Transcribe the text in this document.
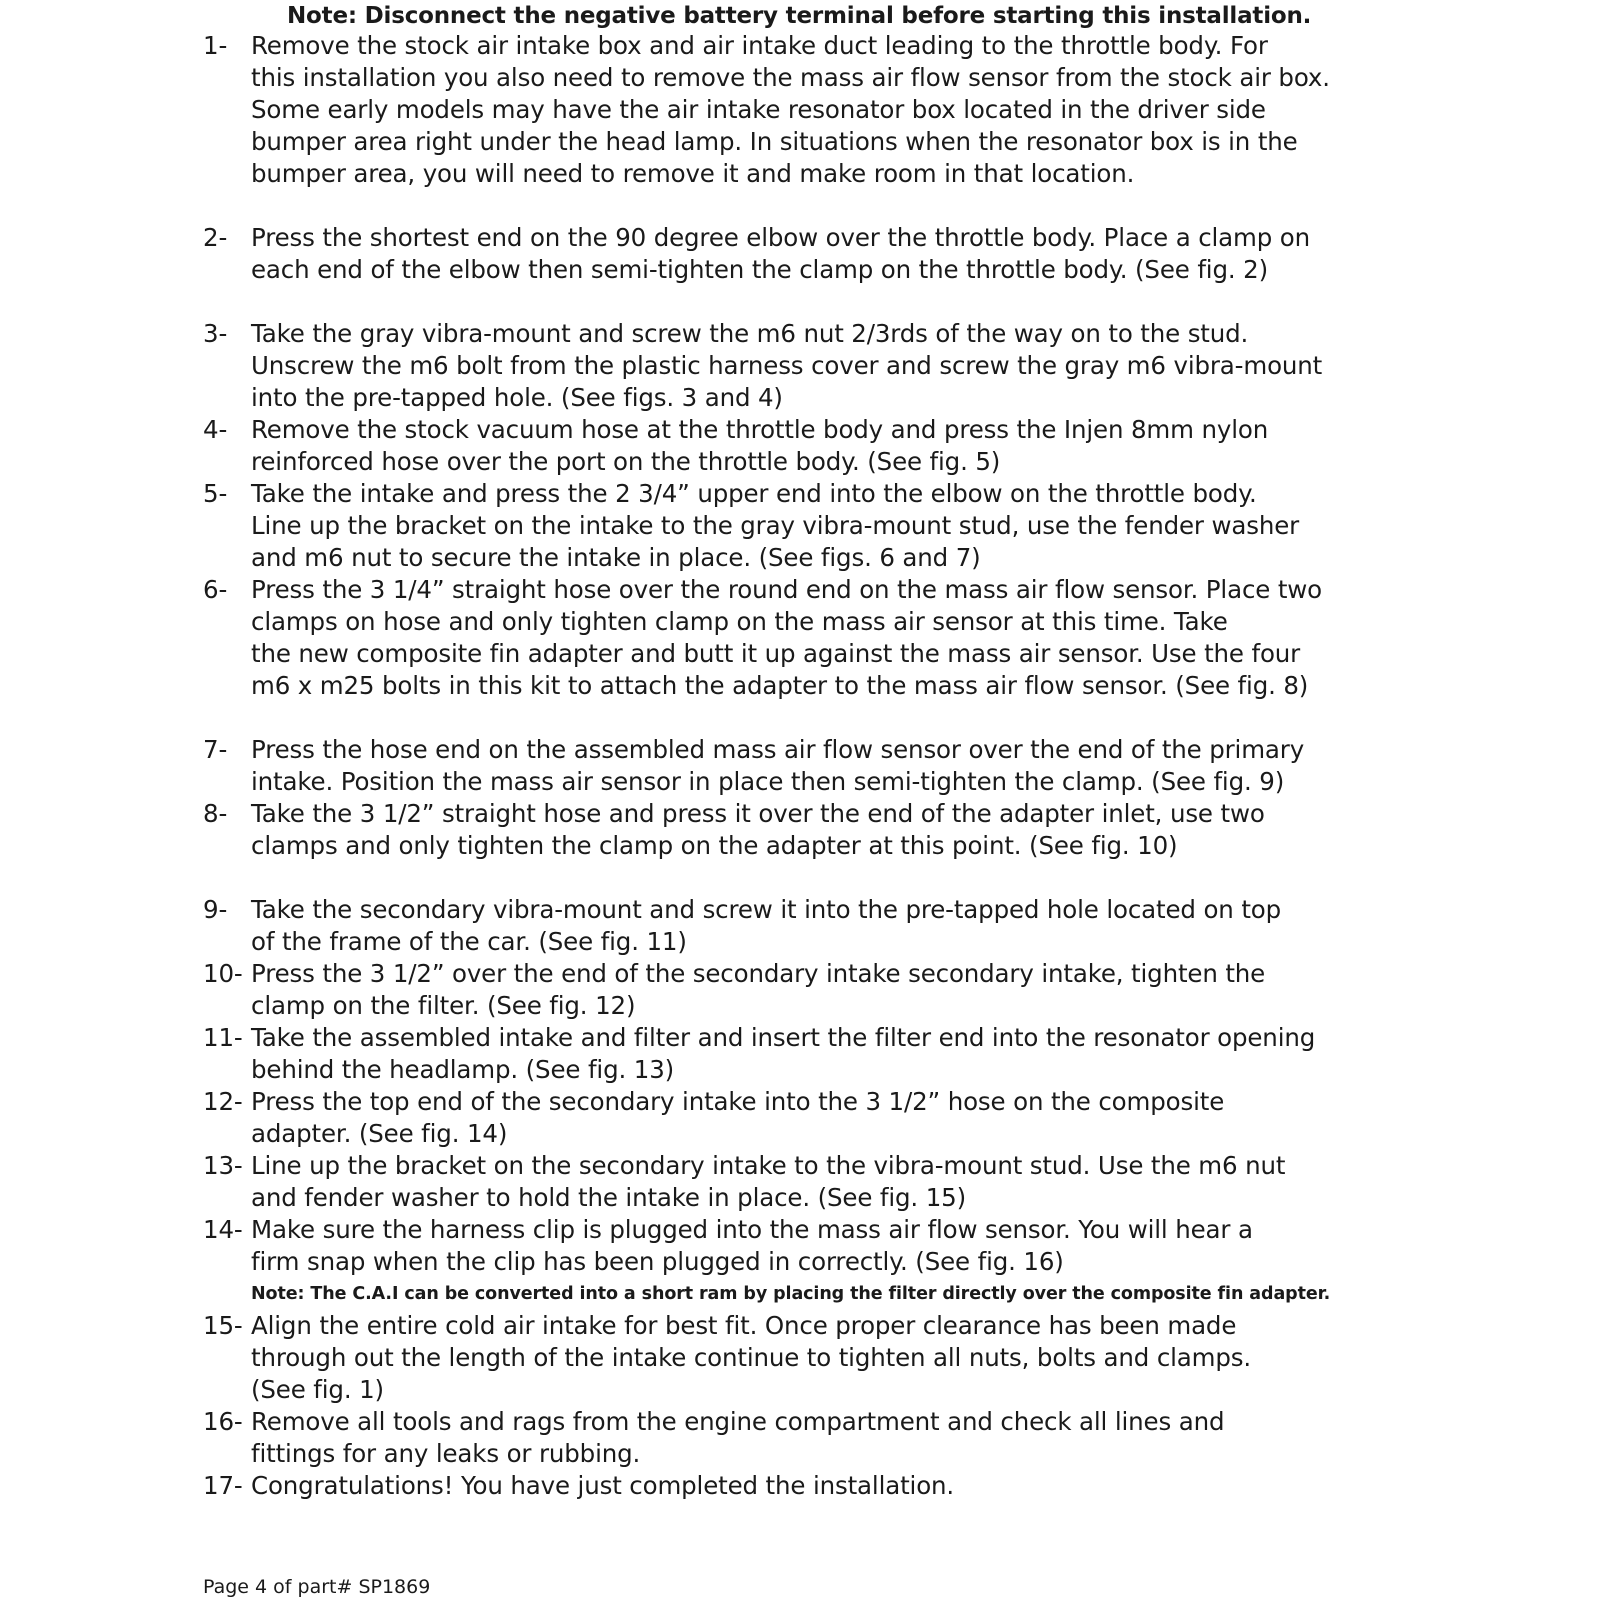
Note: Disconnect the negative battery terminal before starting this installation.
1- Remove the stock air intake box and air intake duct leading to the throttle body. For
this installation you also need to remove the mass air flow sensor from the stock air box.
Some early models may have the air intake resonator box located in the driver side
bumper area right under the head lamp. In situations when the resonator box is in the
bumper area, you will need to remove it and make room in that location.
2- Press the shortest end on the 90 degree elbow over the throttle body. Place a clamp on
each end of the elbow then semi-tighten the clamp on the throttle body. (See fig. 2)
3- Take the gray vibra-mount and screw the m6 nut 2/3rds of the way on to the stud.
Unscrew the m6 bolt from the plastic harness cover and screw the gray m6 vibra-mount
into the pre-tapped hole. (See figs. 3 and 4)
4- Remove the stock vacuum hose at the throttle body and press the Injen 8mm nylon
reinforced hose over the port on the throttle body. (See fig. 5)
5- Take the intake and press the 2 3/4” upper end into the elbow on the throttle body.
Line up the bracket on the intake to the gray vibra-mount stud, use the fender washer
and m6 nut to secure the intake in place. (See figs. 6 and 7)
6- Press the 3 1/4” straight hose over the round end on the mass air flow sensor. Place two
clamps on hose and only tighten clamp on the mass air sensor at this time. Take
the new composite fin adapter and butt it up against the mass air sensor. Use the four
m6 x m25 bolts in this kit to attach the adapter to the mass air flow sensor. (See fig. 8)
7- Press the hose end on the assembled mass air flow sensor over the end of the primary
intake. Position the mass air sensor in place then semi-tighten the clamp. (See fig. 9)
8- Take the 3 1/2” straight hose and press it over the end of the adapter inlet, use two
clamps and only tighten the clamp on the adapter at this point. (See fig. 10)
9- Take the secondary vibra-mount and screw it into the pre-tapped hole located on top
of the frame of the car. (See fig. 11)
10- Press the 3 1/2” over the end of the secondary intake secondary intake, tighten the
clamp on the filter. (See fig. 12)
11- Take the assembled intake and filter and insert the filter end into the resonator opening
behind the headlamp. (See fig. 13)
12- Press the top end of the secondary intake into the 3 1/2” hose on the composite
adapter. (See fig. 14)
13- Line up the bracket on the secondary intake to the vibra-mount stud. Use the m6 nut
and fender washer to hold the intake in place. (See fig. 15)
14- Make sure the harness clip is plugged into the mass air flow sensor. You will hear a
firm snap when the clip has been plugged in correctly. (See fig. 16)
Note: The C.A.I can be converted into a short ram by placing the filter directly over the composite fin adapter.
15- Align the entire cold air intake for best fit. Once proper clearance has been made
through out the length of the intake continue to tighten all nuts, bolts and clamps.
(See fig. 1)
16- Remove all tools and rags from the engine compartment and check all lines and
fittings for any leaks or rubbing.
17- Congratulations! You have just completed the installation.
Page 4 of part# SP1869
